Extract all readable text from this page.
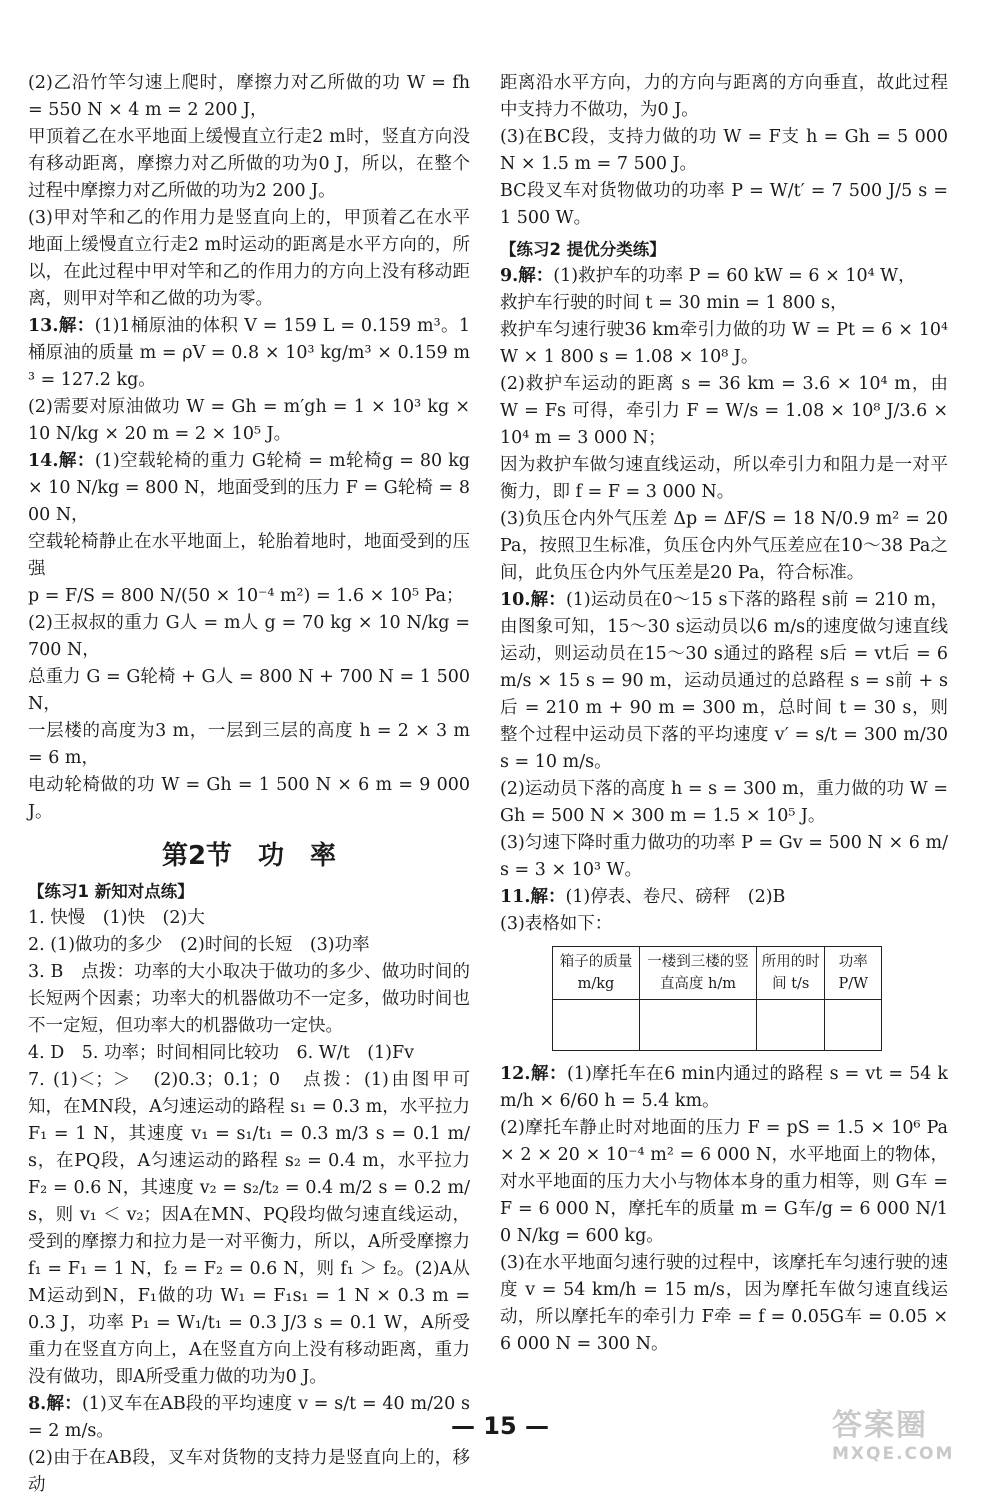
(2)乙沿竹竿匀速上爬时，摩擦力对乙所做的功 W = fh = 550 N × 4 m = 2 200 J，

甲顶着乙在水平地面上缓慢直立行走2 m时，竖直方向没有移动距离，摩擦力对乙所做的功为0 J，所以，在整个过程中摩擦力对乙所做的功为2 200 J。

(3)甲对竿和乙的作用力是竖直向上的，甲顶着乙在水平地面上缓慢直立行走2 m时运动的距离是水平方向的，所以，在此过程中甲对竿和乙的作用力的方向上没有移动距离，则甲对竿和乙做的功为零。

13.解：(1)1桶原油的体积 V = 159 L = 0.159 m³。1桶原油的质量 m = ρV = 0.8 × 10³ kg/m³ × 0.159 m³ = 127.2 kg。

(2)需要对原油做功 W = Gh = m′gh = 1 × 10³ kg × 10 N/kg × 20 m = 2 × 10⁵ J。

14.解：(1)空载轮椅的重力 G轮椅 = m轮椅g = 80 kg × 10 N/kg = 800 N，地面受到的压力 F = G轮椅 = 800 N，

空载轮椅静止在水平地面上，轮胎着地时，地面受到的压强

p = F/S = 800 N/(50 × 10⁻⁴ m²) = 1.6 × 10⁵ Pa；

(2)王叔叔的重力 G人 = m人 g = 70 kg × 10 N/kg = 700 N，

总重力 G = G轮椅 + G人 = 800 N + 700 N = 1 500 N，

一层楼的高度为3 m，一层到三层的高度 h = 2 × 3 m = 6 m，

电动轮椅做的功 W = Gh = 1 500 N × 6 m = 9 000 J。

第2节　功　率
【练习1 新知对点练】

1. 快慢　(1)快　(2)大

2. (1)做功的多少　(2)时间的长短　(3)功率

3. B　点拨：功率的大小取决于做功的多少、做功时间的长短两个因素；功率大的机器做功不一定多，做功时间也不一定短，但功率大的机器做功一定快。

4. D　5. 功率；时间相同比较功　6. W/t　(1)Fv

7. (1)＜；＞　(2)0.3；0.1；0　点拨：(1)由图甲可知，在MN段，A匀速运动的路程 s₁ = 0.3 m，水平拉力 F₁ = 1 N，其速度 v₁ = s₁/t₁ = 0.3 m/3 s = 0.1 m/s，在PQ段，A匀速运动的路程 s₂ = 0.4 m，水平拉力 F₂ = 0.6 N，其速度 v₂ = s₂/t₂ = 0.4 m/2 s = 0.2 m/s，则 v₁ ＜ v₂；因A在MN、PQ段均做匀速直线运动，受到的摩擦力和拉力是一对平衡力，所以，A所受摩擦力 f₁ = F₁ = 1 N，f₂ = F₂ = 0.6 N，则 f₁ ＞ f₂。(2)A从M运动到N，F₁做的功 W₁ = F₁s₁ = 1 N × 0.3 m = 0.3 J，功率 P₁ = W₁/t₁ = 0.3 J/3 s = 0.1 W，A所受重力在竖直方向上，A在竖直方向上没有移动距离，重力没有做功，即A所受重力做的功为0 J。

8.解：(1)叉车在AB段的平均速度 v = s/t = 40 m/20 s = 2 m/s。

(2)由于在AB段，叉车对货物的支持力是竖直向上的，移动

距离沿水平方向，力的方向与距离的方向垂直，故此过程中支持力不做功，为0 J。

(3)在BC段，支持力做的功 W = F支 h = Gh = 5 000 N × 1.5 m = 7 500 J。

BC段叉车对货物做功的功率 P = W/t′ = 7 500 J/5 s = 1 500 W。

【练习2 提优分类练】

9.解：(1)救护车的功率 P = 60 kW = 6 × 10⁴ W，

救护车行驶的时间 t = 30 min = 1 800 s，

救护车匀速行驶36 km牵引力做的功 W = Pt = 6 × 10⁴ W × 1 800 s = 1.08 × 10⁸ J。

(2)救护车运动的距离 s = 36 km = 3.6 × 10⁴ m，由 W = Fs 可得，牵引力 F = W/s = 1.08 × 10⁸ J/3.6 × 10⁴ m = 3 000 N；

因为救护车做匀速直线运动，所以牵引力和阻力是一对平衡力，即 f = F = 3 000 N。

(3)负压仓内外气压差 Δp = ΔF/S = 18 N/0.9 m² = 20 Pa，按照卫生标准，负压仓内外气压差应在10～38 Pa之间，此负压仓内外气压差是20 Pa，符合标准。

10.解：(1)运动员在0～15 s下落的路程 s前 = 210 m，由图象可知，15～30 s运动员以6 m/s的速度做匀速直线运动，则运动员在15～30 s通过的路程 s后 = vt后 = 6 m/s × 15 s = 90 m，运动员通过的总路程 s = s前 + s后 = 210 m + 90 m = 300 m，总时间 t = 30 s，则整个过程中运动员下落的平均速度 v′ = s/t = 300 m/30 s = 10 m/s。

(2)运动员下落的高度 h = s = 300 m，重力做的功 W = Gh = 500 N × 300 m = 1.5 × 10⁵ J。

(3)匀速下降时重力做功的功率 P = Gv = 500 N × 6 m/s = 3 × 10³ W。

11.解：(1)停表、卷尺、磅秤　(2)B

(3)表格如下：

箱子的质量 m/kg	一楼到三楼的竖直高度 h/m	所用的时间 t/s	功率 P/W

12.解：(1)摩托车在6 min内通过的路程 s = vt = 54 km/h × 6/60 h = 5.4 km。

(2)摩托车静止时对地面的压力 F = pS = 1.5 × 10⁶ Pa × 2 × 20 × 10⁻⁴ m² = 6 000 N，水平地面上的物体，对水平地面的压力大小与物体本身的重力相等，则 G车 = F = 6 000 N，摩托车的质量 m = G车/g = 6 000 N/10 N/kg = 600 kg。

(3)在水平地面匀速行驶的过程中，该摩托车匀速行驶的速度 v = 54 km/h = 15 m/s，因为摩托车做匀速直线运动，所以摩托车的牵引力 F牵 = f = 0.05G车 = 0.05 × 6 000 N = 300 N。

— 15 —	答案圈
MXQE.COM
